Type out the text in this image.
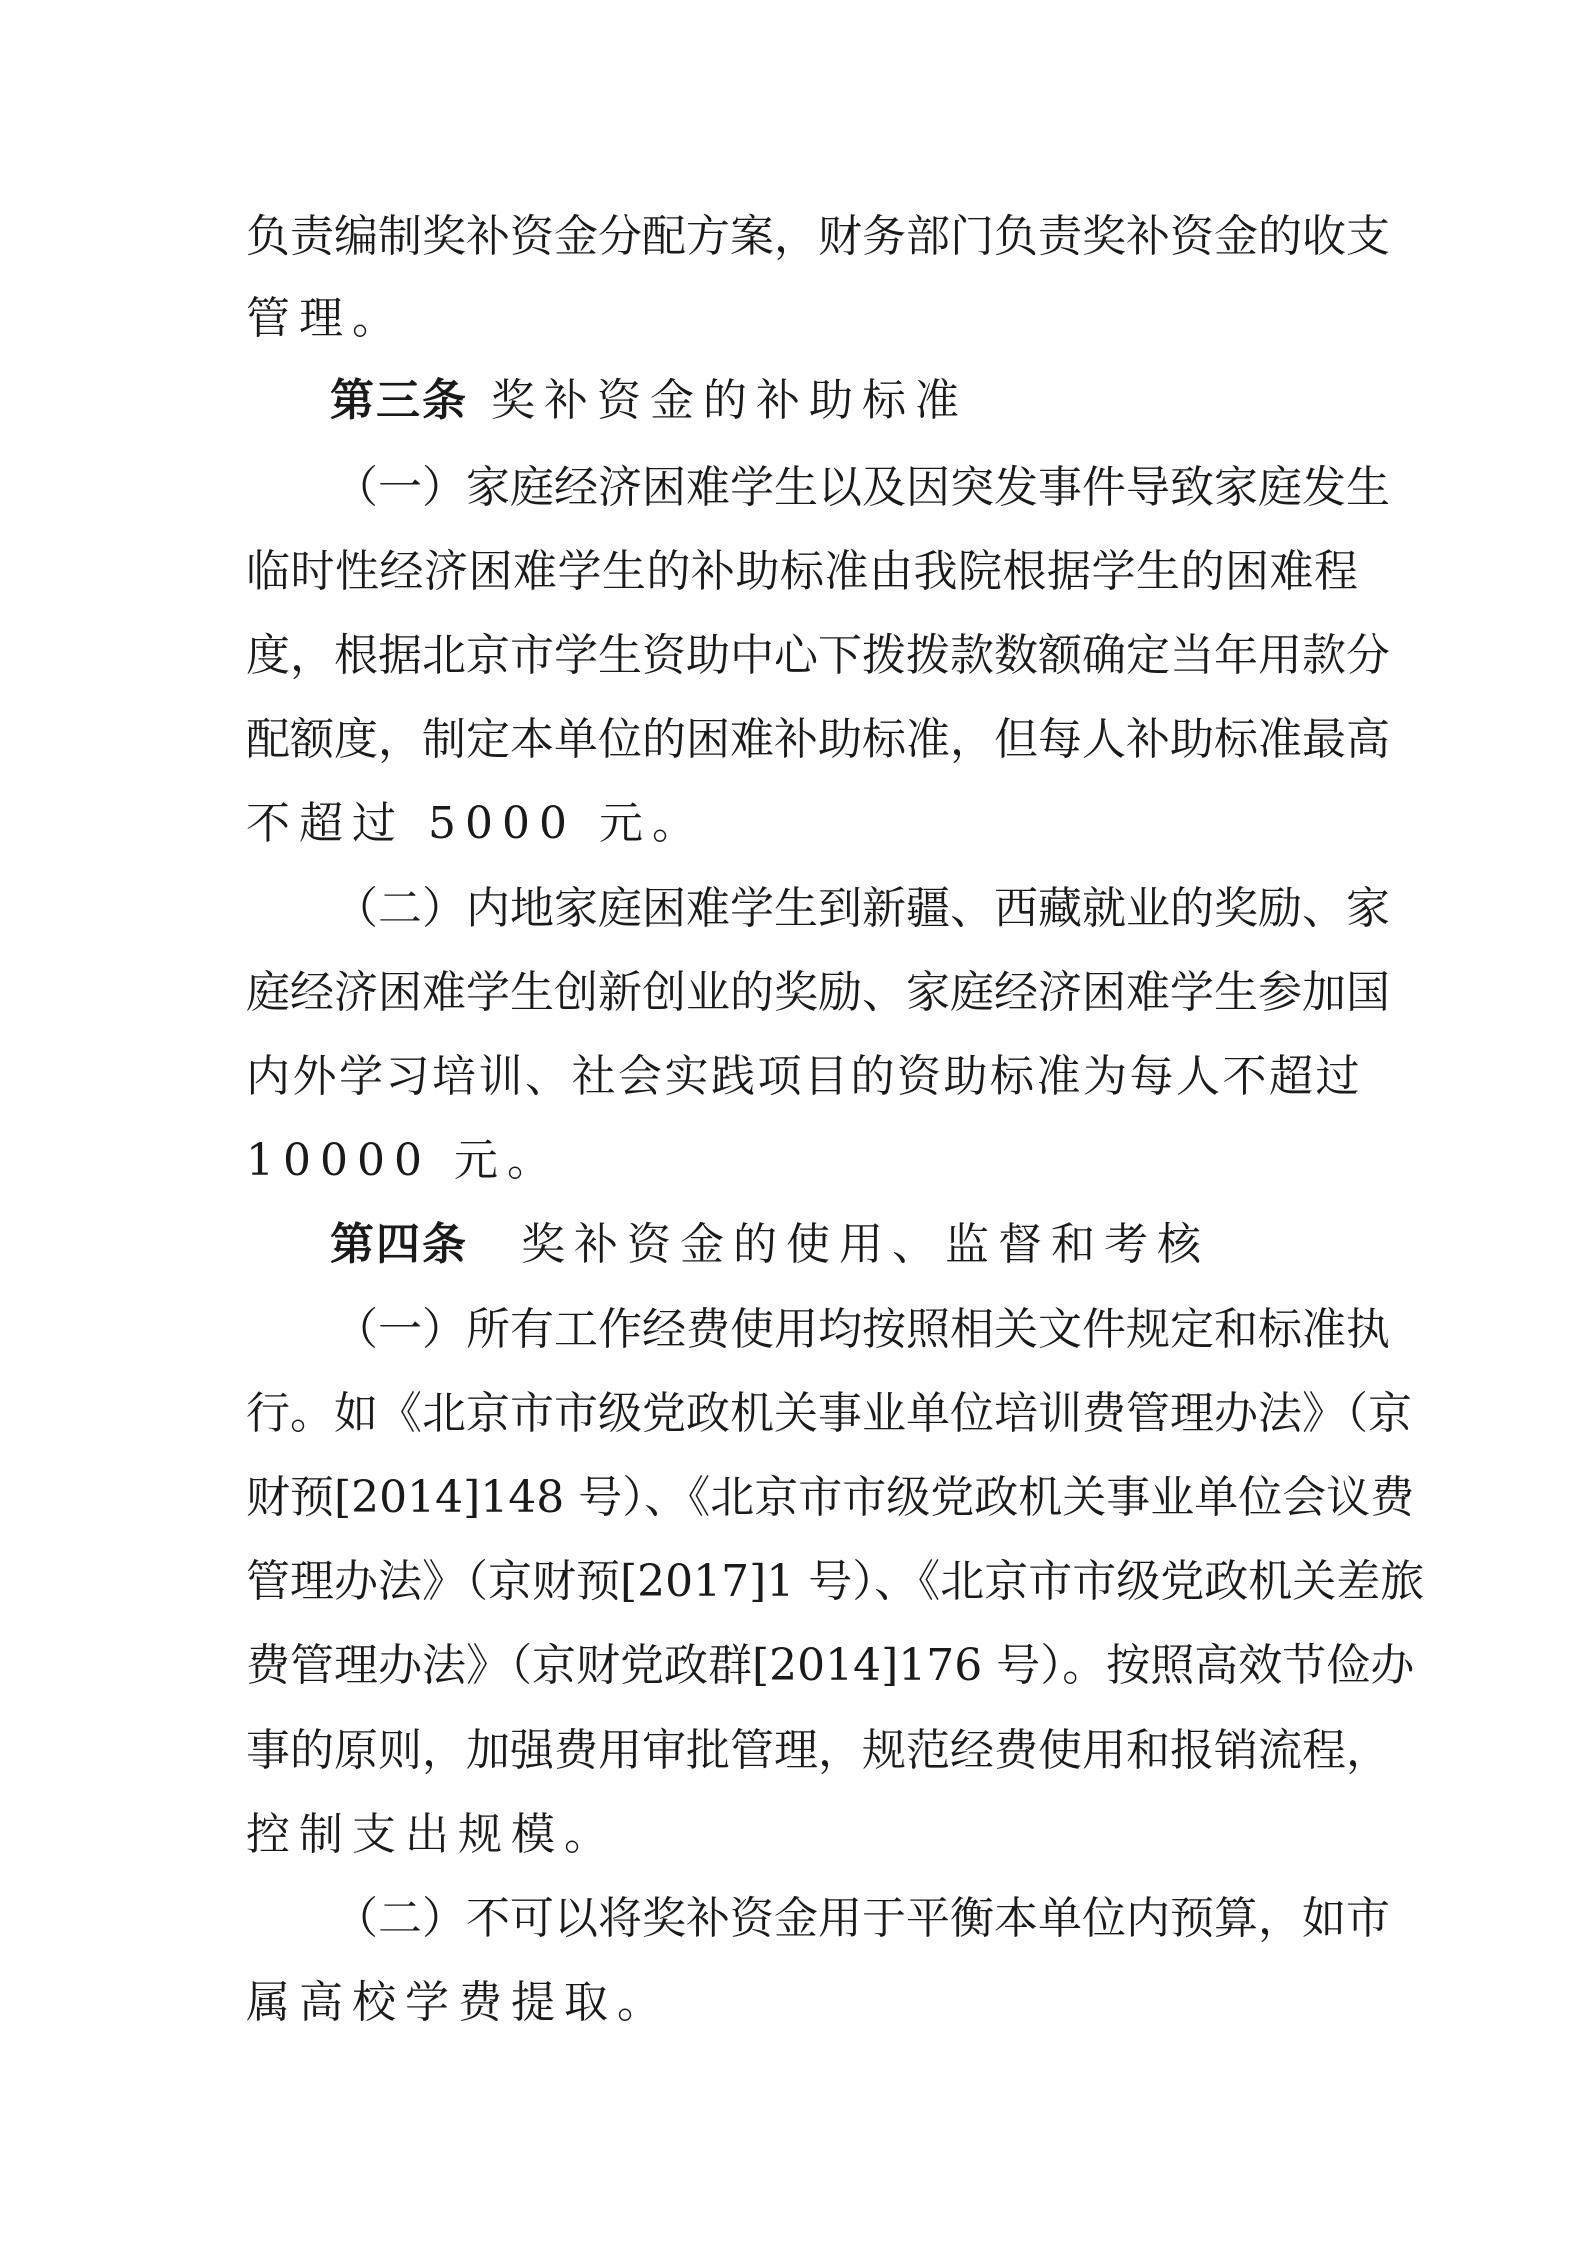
负责编制奖补资金分配方案，财务部门负责奖补资金的收支

管理。

第三条 奖补资金的补助标准

（一）家庭经济困难学生以及因突发事件导致家庭发生

临时性经济困难学生的补助标准由我院根据学生的困难程

度，根据北京市学生资助中心下拨拨款数额确定当年用款分

配额度，制定本单位的困难补助标准，但每人补助标准最高

不超过 5000 元。

（二）内地家庭困难学生到新疆、西藏就业的奖励、家

庭经济困难学生创新创业的奖励、家庭经济困难学生参加国

内外学习培训、社会实践项目的资助标准为每人不超过

10000 元。

第四条　奖补资金的使用、监督和考核

（一）所有工作经费使用均按照相关文件规定和标准执

行。如《北京市市级党政机关事业单位培训费管理办法》（京

财预[2014]148 号）、《北京市市级党政机关事业单位会议费

管理办法》（京财预[2017]1 号）、《北京市市级党政机关差旅

费管理办法》（京财党政群[2014]176 号）。按照高效节俭办

事的原则，加强费用审批管理，规范经费使用和报销流程，

控制支出规模。

（二）不可以将奖补资金用于平衡本单位内预算，如市

属高校学费提取。
